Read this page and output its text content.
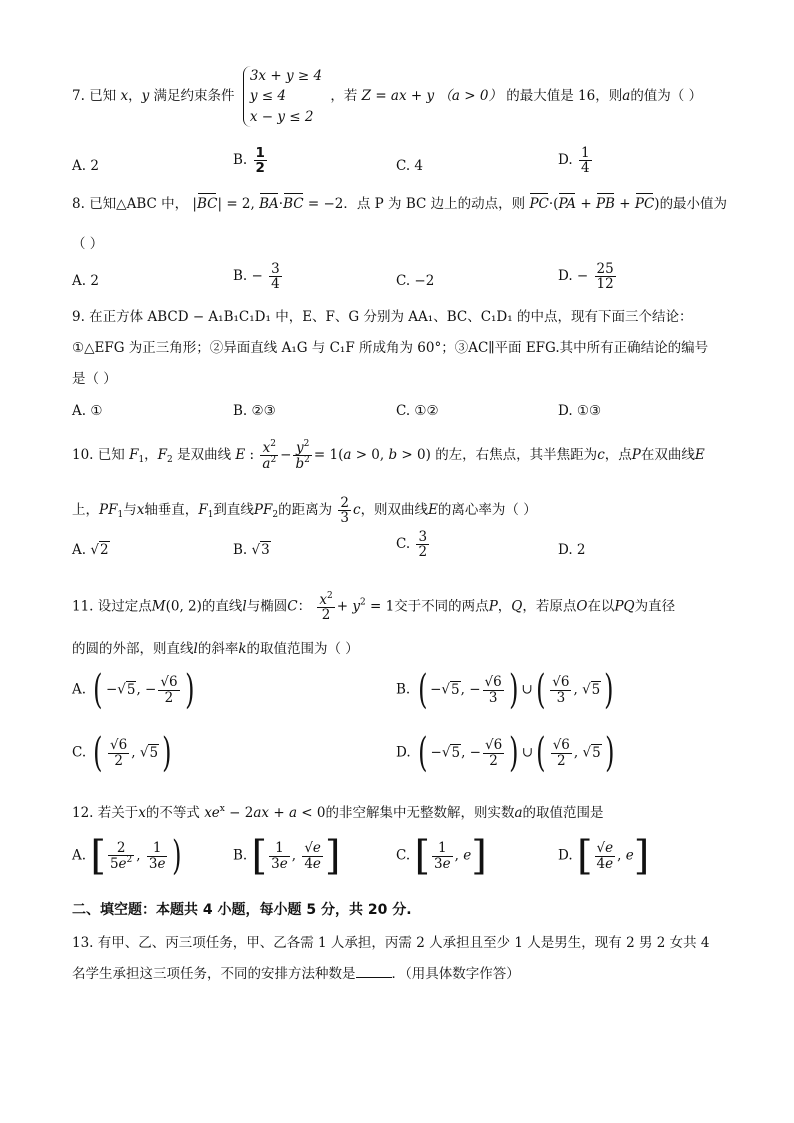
7. 已知 x，y 满足约束条件
3x + y ≥ 4
y ≤ 4
x − y ≤ 2
，若 Z = ax + y （a > 0） 的最大值是 16，则a的值为（ ）
A. 2	B. $\frac{1}{2}$	C. 4	D. $\frac{1}{4}$
8. 已知△ABC 中， |BC| = 2, BA·BC = −2．点 P 为 BC 边上的动点，则 PC·(PA + PB + PC)的最小值为
（ ）
A. 2	B. − $\frac{3}{4}$	C. −2	D. − $\frac{25}{12}$
9. 在正方体 ABCD − A₁B₁C₁D₁ 中，E、F、G 分别为 AA₁、BC、C₁D₁ 的中点，现有下面三个结论：
①△EFG 为正三角形；②异面直线 A₁G 与 C₁F 所成角为 60°；③AC∥平面 EFG.其中所有正确结论的编号
是（ ）
A. ①	B. ②③	C. ①②	D. ①③
10. 已知 $F_1$，$F_2$ 是双曲线 E : $\frac{x^2}{a^2} - \frac{y^2}{b^2} = 1(a > 0$, b > 0) 的左，右焦点，其半焦距为c，点P在双曲线E
上，$PF_1$与x轴垂直，$F_1$到直线$PF_2$的距离为 $\frac{2}{3}$ c，则双曲线E的离心率为（ ）
A. √2	B. √3	C. $\frac{3}{2}$	D. 2
11. 设过定点M(0, 2)的直线l与椭圆C： $\frac{x^2}{2} + y^2 = 1$交于不同的两点P，Q，若原点O在以PQ为直径
的圆的外部，则直线l的斜率k的取值范围为（ ）
A. ( −√5, − $\frac{√6}{2}$ )	B. ( −√5, − $\frac{√6}{3}$ ) ∪( $\frac{√6}{3}$ , √5 )
C. ( $\frac{√6}{2}$ , √5 )	D. ( −√5, − $\frac{√6}{2}$ ) ∪( $\frac{√6}{2}$ , √5 )
12. 若关于x的不等式 $xe^x - 2ax + a < 0$的非空解集中无整数解，则实数a的取值范围是
A. [ $\frac{2}{5e^2}$ , $\frac{1}{3e}$ )	B. [ $\frac{1}{3e}$ , $\frac{√e}{4e}$ ]	C. [ $\frac{1}{3e}$ , e]	D. [ $\frac{√e}{4e}$ , e]
二、填空题：本题共 4 小题，每小题 5 分，共 20 分.
13. 有甲、乙、丙三项任务，甲、乙各需 1 人承担，丙需 2 人承担且至少 1 人是男生，现有 2 男 2 女共 4
名学生承担这三项任务，不同的安排方法种数是	．（用具体数字作答）
